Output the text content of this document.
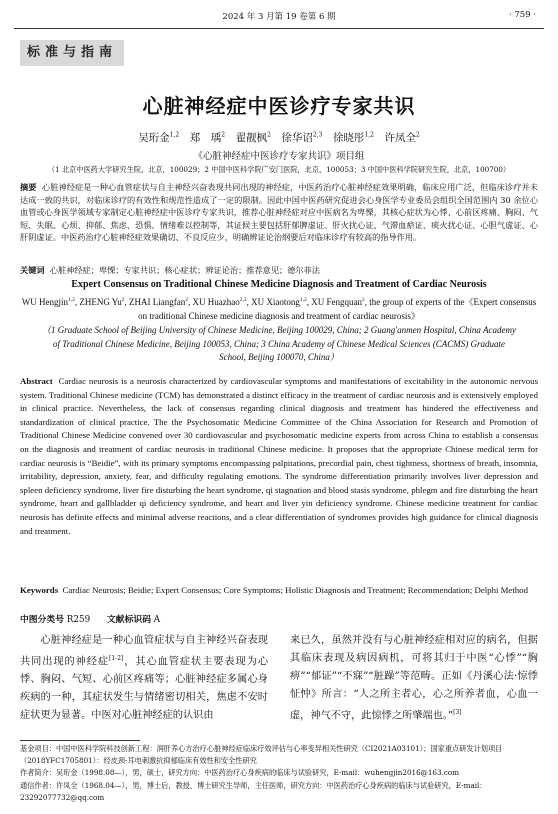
2024 年 3 月第 19 卷第 6 期	· 759 ·
标准与指南
心脏神经症中医诊疗专家共识
吴珩金$^{1,2}$  郑　瑀$^2$  翟靓枫$^2$  徐华诏$^{2,3}$  徐晓彤$^{1,2}$  许凤全$^2$
《心脏神经症中医诊疗专家共识》项目组
（1 北京中医药大学研究生院，北京，100029；2 中国中医科学院广安门医院，北京，100053；3 中国中医科学院研究生院，北京，100700）
摘要 心脏神经症是一种心血管症状与自主神经兴奋表现共同出现的神经症，中医药治疗心脏神经症效果明确，临床应用广泛，但临床诊疗并未达成一致的共识，对临床诊疗的有效性和规范性造成了一定的限制。因此中国中医药研究促进会心身医学专业委员会组织全国范围内 30 余位心血管或心身医学领域专家制定心脏神经症中医诊疗专家共识，推荐心脏神经症对应中医病名为卑慄，其核心症状为心悸、心前区疼痛、胸闷、气短、失眠、心烦、抑郁、焦虑、恐惧、情绪难以控制等，其证候主要包括肝郁脾虚证、肝火扰心证、气滞血瘀证、痰火扰心证、心胆气虚证、心肝阴虚证。中医药治疗心脏神经症效果确切、不良反应少，明确辨证论治纲要后对临床诊疗有较高的指导作用。
关键词 心脏神经症；卑慄；专家共识；核心症状；辨证论治；推荐意见；德尔菲法
Expert Consensus on Traditional Chinese Medicine Diagnosis and Treatment of Cardiac Neurosis
WU Hengjin$^{1,2}$, ZHENG Yu$^2$, ZHAI Liangfan$^2$, XU Huazhao$^{2,3}$, XU Xiaotong$^{1,2}$, XU Fengquan$^2$, the group of experts of the《Expert consensus on traditional Chinese medicine diagnosis and treatment of cardiac neurosis》
（1 Graduate School of Beijing University of Chinese Medicine, Beijing 100029, China; 2 Guang'anmen Hospital, China Academy of Traditional Chinese Medicine, Beijing 100053, China; 3 China Academy of Chinese Medical Sciences (CACMS) Graduate School, Beijing 100070, China）
Abstract Cardiac neurosis is a neurosis characterized by cardiovascular symptoms and manifestations of excitability in the autonomic nervous system. Traditional Chinese medicine (TCM) has demonstrated a distinct efficacy in the treatment of cardiac neurosis and is extensively employed in clinical practice. Nevertheless, the lack of consensus regarding clinical diagnosis and treatment has hindered the effectiveness and standardization of clinical practice. The the Psychosomatic Medicine Committee of the China Association for Research and Promotion of Traditional Chinese Medicine convened over 30 cardiovascular and psychosomatic medicine experts from across China to establish a consensus on the diagnosis and treatment of cardiac neurosis in traditional Chinese medicine. It proposes that the appropriate Chinese medical term for cardiac neurosis is “Beidie”, with its primary symptoms encompassing palpitations, precordial pain, chest tightness, shortness of breath, insomnia, irritability, depression, anxiety, fear, and difficulty regulating emotions. The syndrome differentiation primarily involves liver depression and spleen deficiency syndrome, liver fire disturbing the heart syndrome, qi stagnation and blood stasis syndrome, phlegm and fire disturbing the heart syndrome, heart and gallbladder qi deficiency syndrome, and heart and liver yin deficiency syndrome. Chinese medicine treatment for cardiac neurosis has definite effects and minimal adverse reactions, and a clear differentiation of syndromes provides high guidance for clinical diagnosis and treatment.
Keywords Cardiac Neurosis; Beidie; Expert Consensus; Core Symptoms; Holistic Diagnosis and Treatment; Recommendation; Delphi Method
中图分类号 R259 文献标识码 A
心脏神经症是一种心血管症状与自主神经兴奋表现共同出现的神经症[1-2]，其心血管症状主要表现为心悸、胸闷、气短、心前区疼痛等；心脏神经症多属心身疾病的一种，其症状发生与情绪密切相关，焦虑不安时症状更为显著。中医对心脏神经症的认识由
来已久，虽然并没有与心脏神经症相对应的病名，但据其临床表现及病因病机，可将其归于中医“心悸”“胸痹”“郁证”“不寐”“脏躁”等范畴。正如《丹溪心法·惊悸怔忡》所言：“人之所主者心，心之所养者血，心血一虚，神气不守，此惊悸之所肇端也。”[3]
基金项目：中国中医科学院科技创新工程：润肝养心方治疗心脏神经症临床疗效评估与心率变异相关性研究（CI2021A03101）；国家重点研发计划项目（2018YFC1705801）：经皮颈-耳电刺激抗抑郁临床有效性和安全性研究
作者简介：吴珩金（1998.08—），男，硕士，研究方向：中医药治疗心身疾病的临床与试验研究，E-mail：wuhengjin2016@163.com
通信作者：许凤全（1968.04—），男，博士后，教授，博士研究生导师，主任医师，研究方向：中医药治疗心身疾病的临床与试验研究，E-mail：23292077732@qq.com
